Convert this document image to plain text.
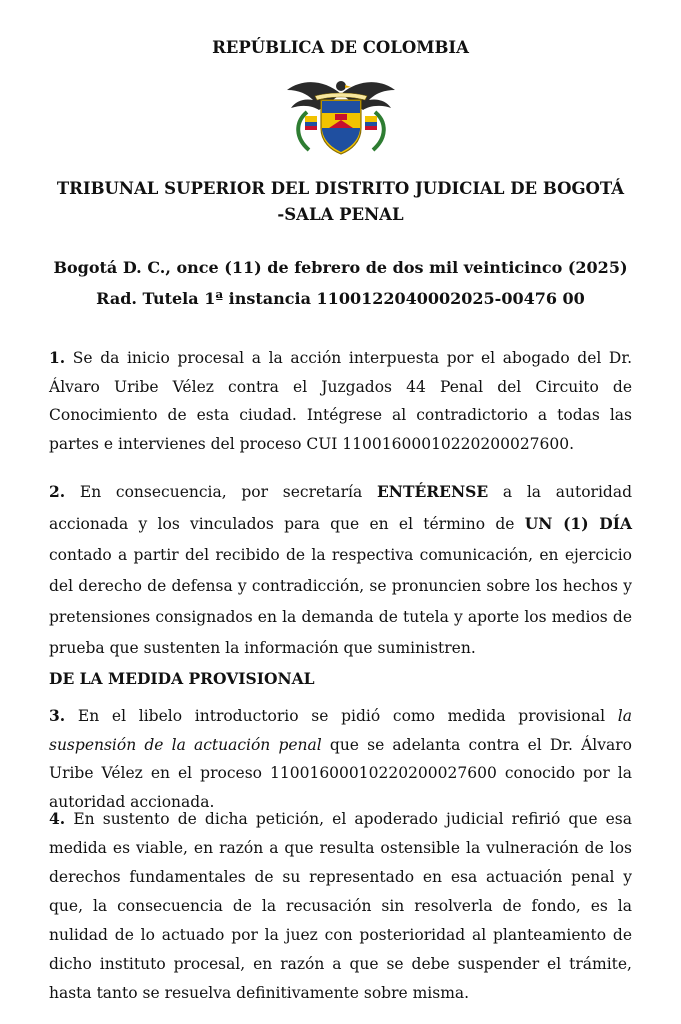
REPÚBLICA DE COLOMBIA
TRIBUNAL SUPERIOR DEL DISTRITO JUDICIAL DE BOGOTÁ
-SALA PENAL
Bogotá D. C., once (11) de febrero de dos mil veinticinco (2025)
Rad. Tutela 1ª instancia 1100122040002025-00476 00
1. Se da inicio procesal a la acción interpuesta por el abogado del Dr. Álvaro Uribe Vélez contra el Juzgados 44 Penal del Circuito de Conocimiento de esta ciudad. Intégrese al contradictorio a todas las partes e intervienes del proceso CUI 11001600010220200027600.
2. En consecuencia, por secretaría ENTÉRENSE a la autoridad accionada y los vinculados para que en el término de UN (1) DÍA contado a partir del recibido de la respectiva comunicación, en ejercicio del derecho de defensa y contradicción, se pronuncien sobre los hechos y pretensiones consignados en la demanda de tutela y aporte los medios de prueba que sustenten la información que suministren.
DE LA MEDIDA PROVISIONAL
3. En el libelo introductorio se pidió como medida provisional la suspensión de la actuación penal que se adelanta contra el Dr. Álvaro Uribe Vélez en el proceso 11001600010220200027600 conocido por la autoridad accionada.
4. En sustento de dicha petición, el apoderado judicial refirió que esa medida es viable, en razón a que resulta ostensible la vulneración de los derechos fundamentales de su representado en esa actuación penal y que, la consecuencia de la recusación sin resolverla de fondo, es la nulidad de lo actuado por la juez con posterioridad al planteamiento de dicho instituto procesal, en razón a que se debe suspender el trámite, hasta tanto se resuelva definitivamente sobre misma.
